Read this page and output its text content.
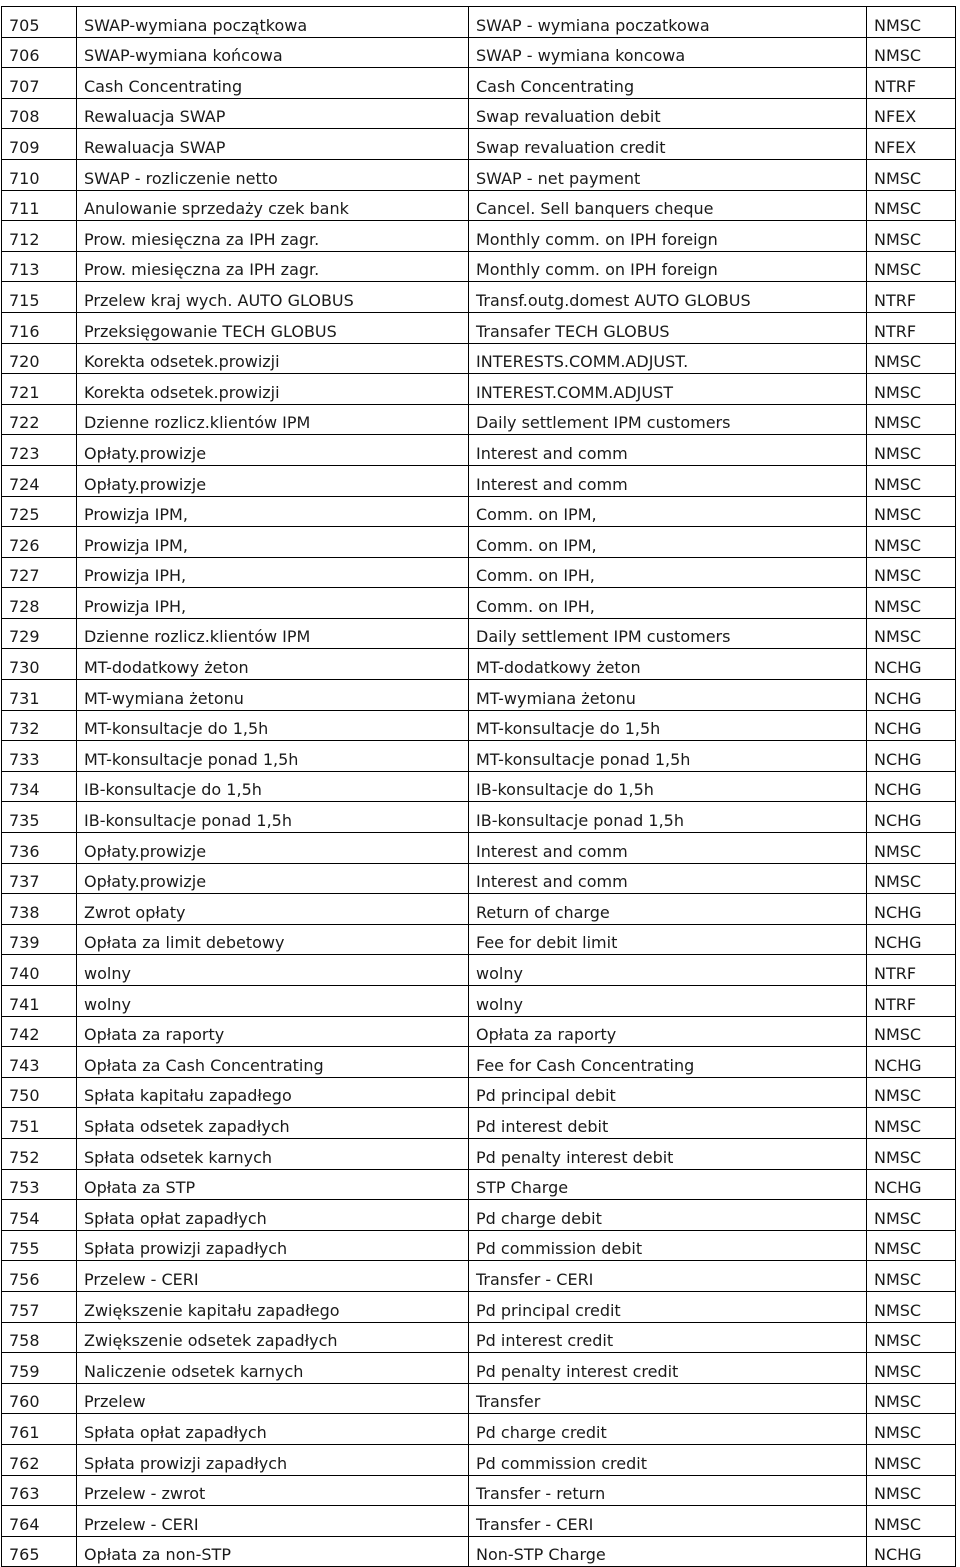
705	SWAP-wymiana początkowa	SWAP - wymiana poczatkowa	NMSC
706	SWAP-wymiana końcowa	SWAP - wymiana koncowa	NMSC
707	Cash Concentrating	Cash Concentrating	NTRF
708	Rewaluacja SWAP	Swap revaluation debit	NFEX
709	Rewaluacja SWAP	Swap revaluation credit	NFEX
710	SWAP - rozliczenie netto	SWAP - net payment	NMSC
711	Anulowanie sprzedaży czek bank	Cancel. Sell banquers cheque	NMSC
712	Prow. miesięczna za IPH zagr.	Monthly comm. on IPH foreign	NMSC
713	Prow. miesięczna za IPH zagr.	Monthly comm. on IPH foreign	NMSC
715	Przelew kraj wych. AUTO GLOBUS	Transf.outg.domest AUTO GLOBUS	NTRF
716	Przeksięgowanie TECH GLOBUS	Transafer TECH GLOBUS	NTRF
720	Korekta odsetek.prowizji	INTERESTS.COMM.ADJUST.	NMSC
721	Korekta odsetek.prowizji	INTEREST.COMM.ADJUST	NMSC
722	Dzienne rozlicz.klientów IPM	Daily settlement IPM customers	NMSC
723	Opłaty.prowizje	Interest and comm	NMSC
724	Opłaty.prowizje	Interest and comm	NMSC
725	Prowizja IPM,	Comm. on IPM,	NMSC
726	Prowizja IPM,	Comm. on IPM,	NMSC
727	Prowizja IPH,	Comm. on IPH,	NMSC
728	Prowizja IPH,	Comm. on IPH,	NMSC
729	Dzienne rozlicz.klientów IPM	Daily settlement IPM customers	NMSC
730	MT-dodatkowy żeton	MT-dodatkowy żeton	NCHG
731	MT-wymiana żetonu	MT-wymiana żetonu	NCHG
732	MT-konsultacje do 1,5h	MT-konsultacje do 1,5h	NCHG
733	MT-konsultacje ponad 1,5h	MT-konsultacje ponad 1,5h	NCHG
734	IB-konsultacje do 1,5h	IB-konsultacje do 1,5h	NCHG
735	IB-konsultacje ponad 1,5h	IB-konsultacje ponad 1,5h	NCHG
736	Opłaty.prowizje	Interest and comm	NMSC
737	Opłaty.prowizje	Interest and comm	NMSC
738	Zwrot opłaty	Return of charge	NCHG
739	Opłata za limit debetowy	Fee for debit limit	NCHG
740	wolny	wolny	NTRF
741	wolny	wolny	NTRF
742	Opłata za raporty	Opłata za raporty	NMSC
743	Opłata za Cash Concentrating	Fee for Cash Concentrating	NCHG
750	Spłata kapitału zapadłego	Pd principal debit	NMSC
751	Spłata odsetek zapadłych	Pd interest debit	NMSC
752	Spłata odsetek karnych	Pd penalty interest debit	NMSC
753	Opłata za STP	STP Charge	NCHG
754	Spłata opłat zapadłych	Pd charge debit	NMSC
755	Spłata prowizji zapadłych	Pd commission debit	NMSC
756	Przelew - CERI	Transfer - CERI	NMSC
757	Zwiększenie kapitału zapadłego	Pd principal credit	NMSC
758	Zwiększenie odsetek zapadłych	Pd interest credit	NMSC
759	Naliczenie odsetek karnych	Pd penalty interest credit	NMSC
760	Przelew	Transfer	NMSC
761	Spłata opłat zapadłych	Pd charge credit	NMSC
762	Spłata prowizji zapadłych	Pd commission credit	NMSC
763	Przelew - zwrot	Transfer - return	NMSC
764	Przelew - CERI	Transfer - CERI	NMSC
765	Opłata za non-STP	Non-STP Charge	NCHG
